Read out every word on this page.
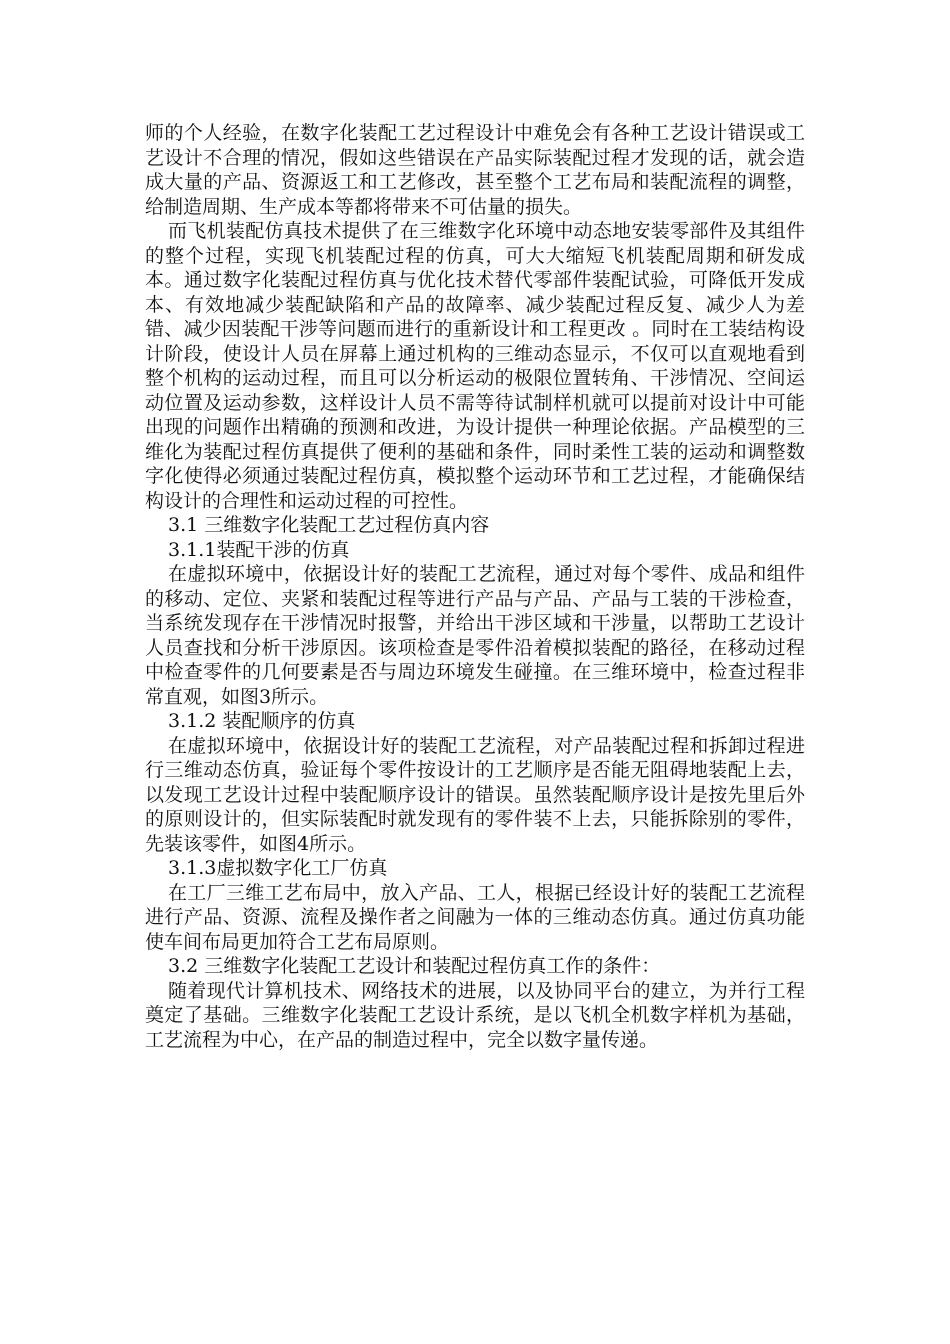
师的个人经验，在数字化装配工艺过程设计中难免会有各种工艺设计错误或工艺设计不合理的情况，假如这些错误在产品实际装配过程才发现的话，就会造成大量的产品、资源返工和工艺修改，甚至整个工艺布局和装配流程的调整，给制造周期、生产成本等都将带来不可估量的损失。

而飞机装配仿真技术提供了在三维数字化环境中动态地安装零部件及其组件的整个过程，实现飞机装配过程的仿真，可大大缩短飞机装配周期和研发成本。通过数字化装配过程仿真与优化技术替代零部件装配试验，可降低开发成本、有效地减少装配缺陷和产品的故障率、减少装配过程反复、减少人为差错、减少因装配干涉等问题而进行的重新设计和工程更改 。同时在工装结构设计阶段，使设计人员在屏幕上通过机构的三维动态显示，不仅可以直观地看到整个机构的运动过程，而且可以分析运动的极限位置转角、干涉情况、空间运动位置及运动参数，这样设计人员不需等待试制样机就可以提前对设计中可能出现的问题作出精确的预测和改进，为设计提供一种理论依据。产品模型的三维化为装配过程仿真提供了便利的基础和条件，同时柔性工装的运动和调整数字化使得必须通过装配过程仿真，模拟整个运动环节和工艺过程，才能确保结构设计的合理性和运动过程的可控性。

3.1 三维数字化装配工艺过程仿真内容

3.1.1装配干涉的仿真

在虚拟环境中，依据设计好的装配工艺流程，通过对每个零件、成品和组件的移动、定位、夹紧和装配过程等进行产品与产品、产品与工装的干涉检查，当系统发现存在干涉情况时报警，并给出干涉区域和干涉量，以帮助工艺设计人员查找和分析干涉原因。该项检查是零件沿着模拟装配的路径，在移动过程中检查零件的几何要素是否与周边环境发生碰撞。在三维环境中，检查过程非常直观，如图3所示。

3.1.2 装配顺序的仿真

在虚拟环境中，依据设计好的装配工艺流程，对产品装配过程和拆卸过程进行三维动态仿真，验证每个零件按设计的工艺顺序是否能无阻碍地装配上去，以发现工艺设计过程中装配顺序设计的错误。虽然装配顺序设计是按先里后外的原则设计的，但实际装配时就发现有的零件装不上去，只能拆除别的零件，先装该零件，如图4所示。

3.1.3虚拟数字化工厂仿真

在工厂三维工艺布局中，放入产品、工人，根据已经设计好的装配工艺流程进行产品、资源、流程及操作者之间融为一体的三维动态仿真。通过仿真功能使车间布局更加符合工艺布局原则。

3.2 三维数字化装配工艺设计和装配过程仿真工作的条件：

随着现代计算机技术、网络技术的进展，以及协同平台的建立，为并行工程奠定了基础。三维数字化装配工艺设计系统，是以飞机全机数字样机为基础，工艺流程为中心，在产品的制造过程中，完全以数字量传递。
